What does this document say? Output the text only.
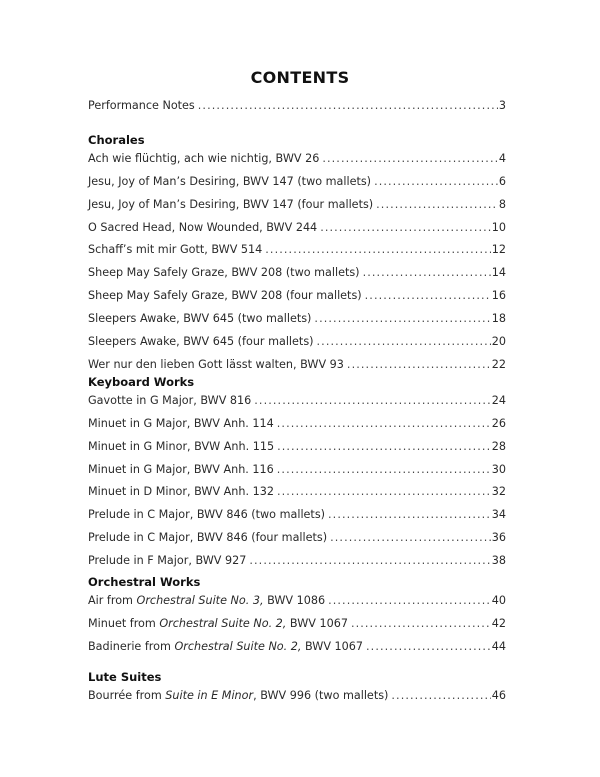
CONTENTS
Performance Notes .....	3
Chorales
Ach wie flüchtig, ach wie nichtig, BWV 26 .....	4
Jesu, Joy of Man’s Desiring, BWV 147 (two mallets) .....	6
Jesu, Joy of Man’s Desiring, BWV 147 (four mallets) .....	8
O Sacred Head, Now Wounded, BWV 244 .....	10
Schaff’s mit mir Gott, BWV 514 .....	12
Sheep May Safely Graze, BWV 208 (two mallets) .....	14
Sheep May Safely Graze, BWV 208 (four mallets) .....	16
Sleepers Awake, BWV 645 (two mallets) .....	18
Sleepers Awake, BWV 645 (four mallets) .....	20
Wer nur den lieben Gott lässt walten, BWV 93 .....	22
Keyboard Works
Gavotte in G Major, BWV 816 .....	24
Minuet in G Major, BWV Anh. 114 .....	26
Minuet in G Minor, BVW Anh. 115 .....	28
Minuet in G Major, BWV Anh. 116 .....	30
Minuet in D Minor, BWV Anh. 132 .....	32
Prelude in C Major, BWV 846 (two mallets) .....	34
Prelude in C Major, BWV 846 (four mallets) .....	36
Prelude in F Major, BWV 927 .....	38
Orchestral Works
Air from Orchestral Suite No. 3, BWV 1086 .....	40
Minuet from Orchestral Suite No. 2, BWV 1067 .....	42
Badinerie from Orchestral Suite No. 2, BWV 1067 .....	44
Lute Suites
Bourrée from Suite in E Minor, BWV 996 (two mallets) .....	46
